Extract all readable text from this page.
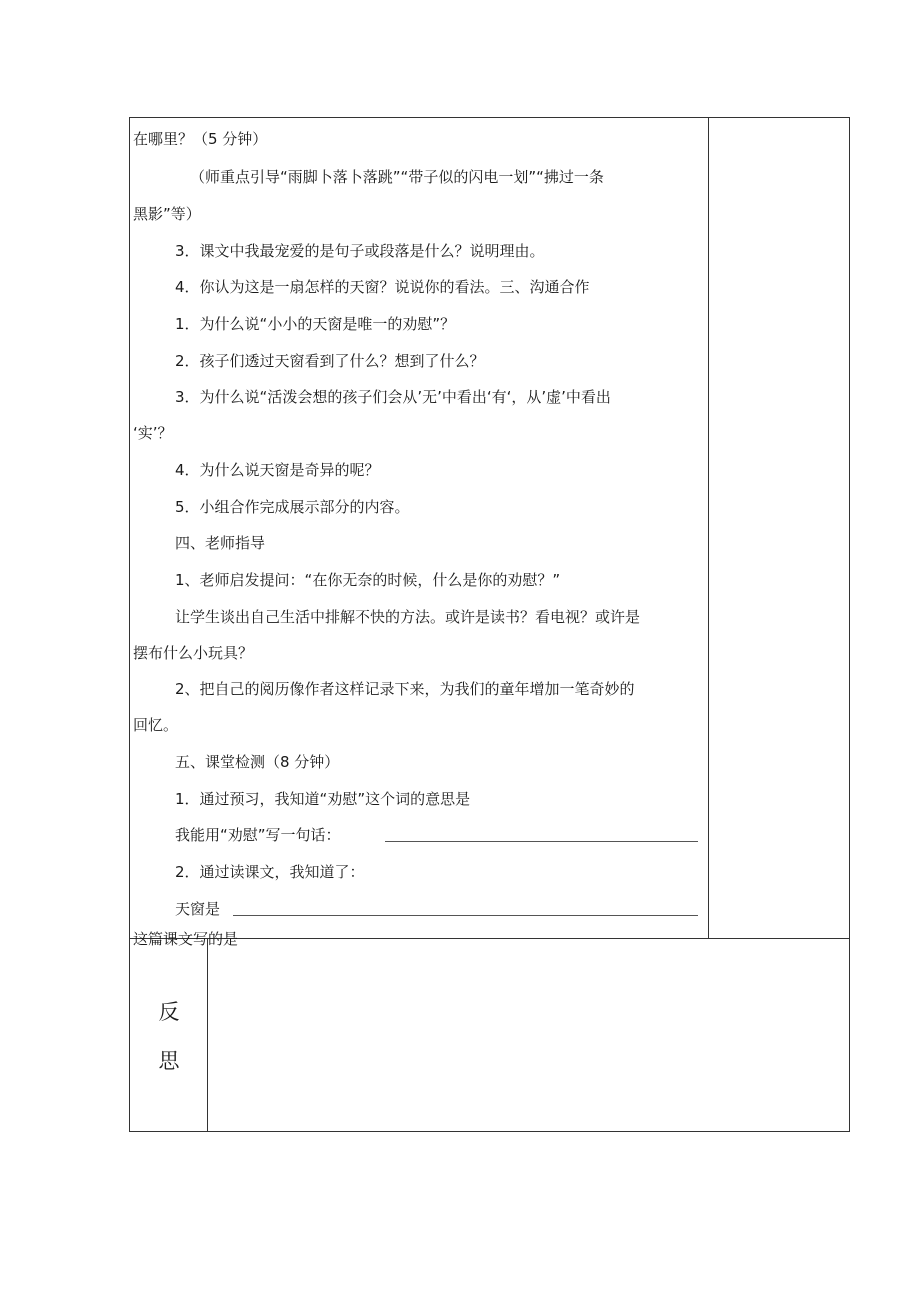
在哪里？（5 分钟）
（师重点引导“雨脚卜落卜落跳”“带子似的闪电一划”“拂过一条
黑影”等）
3．课文中我最宠爱的是句子或段落是什么？说明理由。
4．你认为这是一扇怎样的天窗？说说你的看法。三、沟通合作
1．为什么说“小小的天窗是唯一的劝慰”？
2．孩子们透过天窗看到了什么？想到了什么？
3．为什么说“活泼会想的孩子们会从’无’中看出‘有‘，从’虚’中看出
‘实’？
4．为什么说天窗是奇异的呢？
5．小组合作完成展示部分的内容。
四、老师指导
1、老师启发提问：“在你无奈的时候，什么是你的劝慰？”
让学生谈出自己生活中排解不快的方法。或许是读书？看电视？或许是
摆布什么小玩具？
2、把自己的阅历像作者这样记录下来，为我们的童年增加一笔奇妙的
回忆。
五、课堂检测（8 分钟）
1．通过预习，我知道“劝慰”这个词的意思是
我能用“劝慰”写一句话：
2．通过读课文，我知道了：
天窗是
这篇课文写的是
反
思
